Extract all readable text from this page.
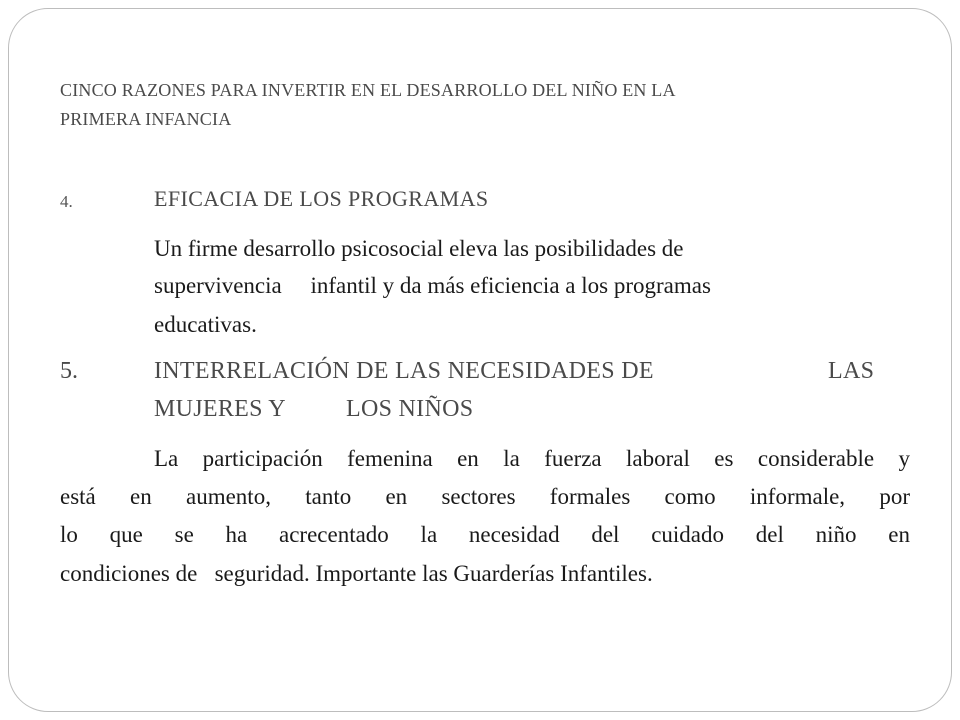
CINCO RAZONES PARA INVERTIR EN EL DESARROLLO DEL NIÑO EN LA
PRIMERA INFANCIA
4.	EFICACIA DE LOS PROGRAMAS
Un firme desarrollo psicosocial eleva las posibilidades de
supervivencia     infantil y da más eficiencia a los programas
educativas.
5.	INTERRELACIÓN DE LAS NECESIDADES DE	LAS
MUJERES Y	LOS NIÑOS
La participación femenina en la fuerza laboral es considerable y
está en aumento, tanto en sectores formales como informale, por
lo que se ha acrecentado la necesidad del cuidado del niño en
condiciones de   seguridad. Importante las Guarderías Infantiles.
